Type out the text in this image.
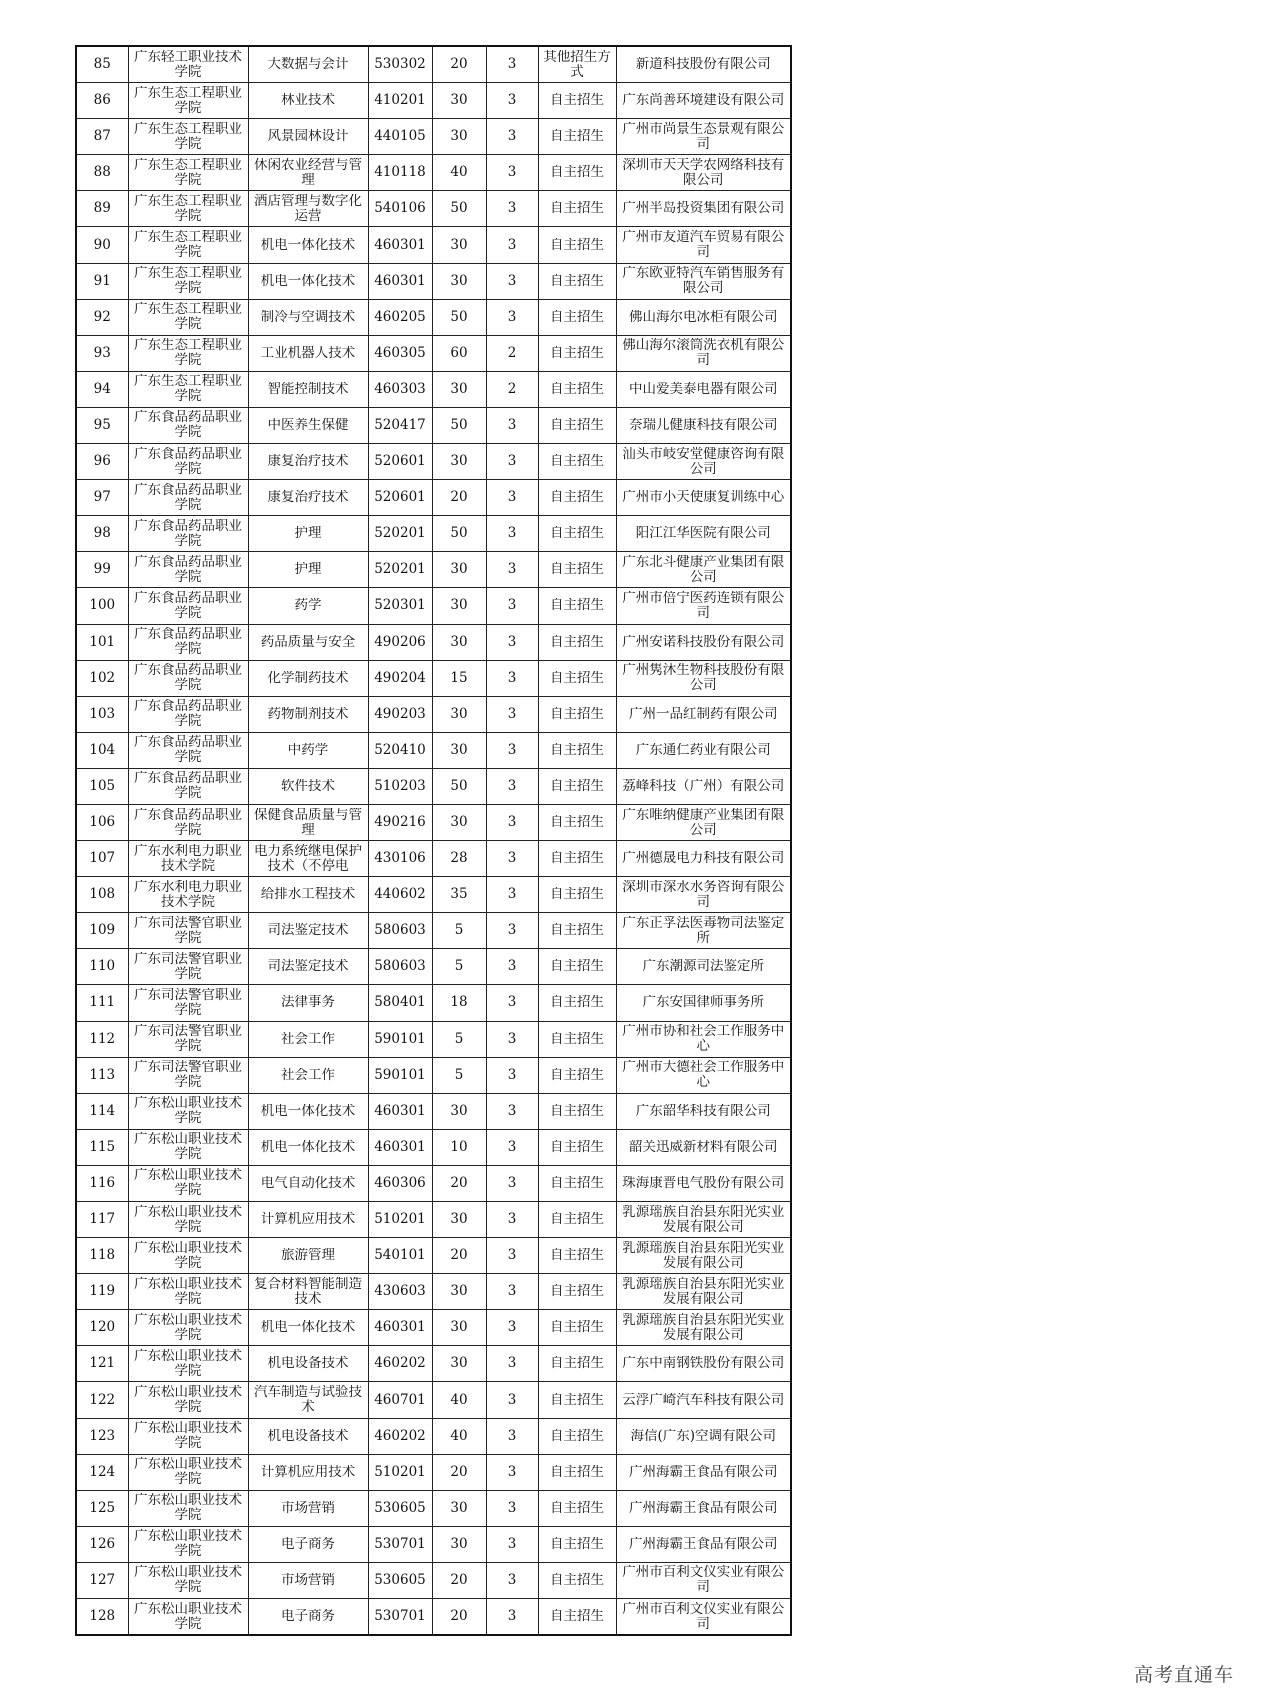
85	广东轻工职业技术学院	大数据与会计	530302	20	3	其他招生方式	新道科技股份有限公司

86	广东生态工程职业学院	林业技术	410201	30	3	自主招生	广东尚善环境建设有限公司

87	广东生态工程职业学院	风景园林设计	440105	30	3	自主招生	广州市尚景生态景观有限公司

88	广东生态工程职业学院	休闲农业经营与管理	410118	40	3	自主招生	深圳市天天学农网络科技有限公司

89	广东生态工程职业学院	酒店管理与数字化运营	540106	50	3	自主招生	广州半岛投资集团有限公司

90	广东生态工程职业学院	机电一体化技术	460301	30	3	自主招生	广州市友道汽车贸易有限公司

91	广东生态工程职业学院	机电一体化技术	460301	30	3	自主招生	广东欧亚特汽车销售服务有限公司

92	广东生态工程职业学院	制冷与空调技术	460205	50	3	自主招生	佛山海尔电冰柜有限公司

93	广东生态工程职业学院	工业机器人技术	460305	60	2	自主招生	佛山海尔滚筒洗衣机有限公司

94	广东生态工程职业学院	智能控制技术	460303	30	2	自主招生	中山爱美泰电器有限公司

95	广东食品药品职业学院	中医养生保健	520417	50	3	自主招生	奈瑞儿健康科技有限公司

96	广东食品药品职业学院	康复治疗技术	520601	30	3	自主招生	汕头市岐安堂健康咨询有限公司

97	广东食品药品职业学院	康复治疗技术	520601	20	3	自主招生	广州市小天使康复训练中心

98	广东食品药品职业学院	护理	520201	50	3	自主招生	阳江江华医院有限公司

99	广东食品药品职业学院	护理	520201	30	3	自主招生	广东北斗健康产业集团有限公司

100	广东食品药品职业学院	药学	520301	30	3	自主招生	广州市倍宁医药连锁有限公司

101	广东食品药品职业学院	药品质量与安全	490206	30	3	自主招生	广州安诺科技股份有限公司

102	广东食品药品职业学院	化学制药技术	490204	15	3	自主招生	广州隽沐生物科技股份有限公司

103	广东食品药品职业学院	药物制剂技术	490203	30	3	自主招生	广州一品红制药有限公司

104	广东食品药品职业学院	中药学	520410	30	3	自主招生	广东通仁药业有限公司

105	广东食品药品职业学院	软件技术	510203	50	3	自主招生	荔峰科技（广州）有限公司

106	广东食品药品职业学院	保健食品质量与管理	490216	30	3	自主招生	广东唯纳健康产业集团有限公司

107	广东水利电力职业技术学院	电力系统继电保护技术（不停电	430106	28	3	自主招生	广州德晟电力科技有限公司

108	广东水利电力职业技术学院	给排水工程技术	440602	35	3	自主招生	深圳市深水水务咨询有限公司

109	广东司法警官职业学院	司法鉴定技术	580603	5	3	自主招生	广东正孚法医毒物司法鉴定所

110	广东司法警官职业学院	司法鉴定技术	580603	5	3	自主招生	广东潮源司法鉴定所

111	广东司法警官职业学院	法律事务	580401	18	3	自主招生	广东安国律师事务所

112	广东司法警官职业学院	社会工作	590101	5	3	自主招生	广州市协和社会工作服务中心

113	广东司法警官职业学院	社会工作	590101	5	3	自主招生	广州市大德社会工作服务中心

114	广东松山职业技术学院	机电一体化技术	460301	30	3	自主招生	广东韶华科技有限公司

115	广东松山职业技术学院	机电一体化技术	460301	10	3	自主招生	韶关迅威新材料有限公司

116	广东松山职业技术学院	电气自动化技术	460306	20	3	自主招生	珠海康晋电气股份有限公司

117	广东松山职业技术学院	计算机应用技术	510201	30	3	自主招生	乳源瑶族自治县东阳光实业发展有限公司

118	广东松山职业技术学院	旅游管理	540101	20	3	自主招生	乳源瑶族自治县东阳光实业发展有限公司

119	广东松山职业技术学院	复合材料智能制造技术	430603	30	3	自主招生	乳源瑶族自治县东阳光实业发展有限公司

120	广东松山职业技术学院	机电一体化技术	460301	30	3	自主招生	乳源瑶族自治县东阳光实业发展有限公司

121	广东松山职业技术学院	机电设备技术	460202	30	3	自主招生	广东中南钢铁股份有限公司

122	广东松山职业技术学院	汽车制造与试验技术	460701	40	3	自主招生	云浮广崎汽车科技有限公司

123	广东松山职业技术学院	机电设备技术	460202	40	3	自主招生	海信(广东)空调有限公司

124	广东松山职业技术学院	计算机应用技术	510201	20	3	自主招生	广州海霸王食品有限公司

125	广东松山职业技术学院	市场营销	530605	30	3	自主招生	广州海霸王食品有限公司

126	广东松山职业技术学院	电子商务	530701	30	3	自主招生	广州海霸王食品有限公司

127	广东松山职业技术学院	市场营销	530605	20	3	自主招生	广州市百利文仪实业有限公司

128	广东松山职业技术学院	电子商务	530701	20	3	自主招生	广州市百利文仪实业有限公司
高考直通车
